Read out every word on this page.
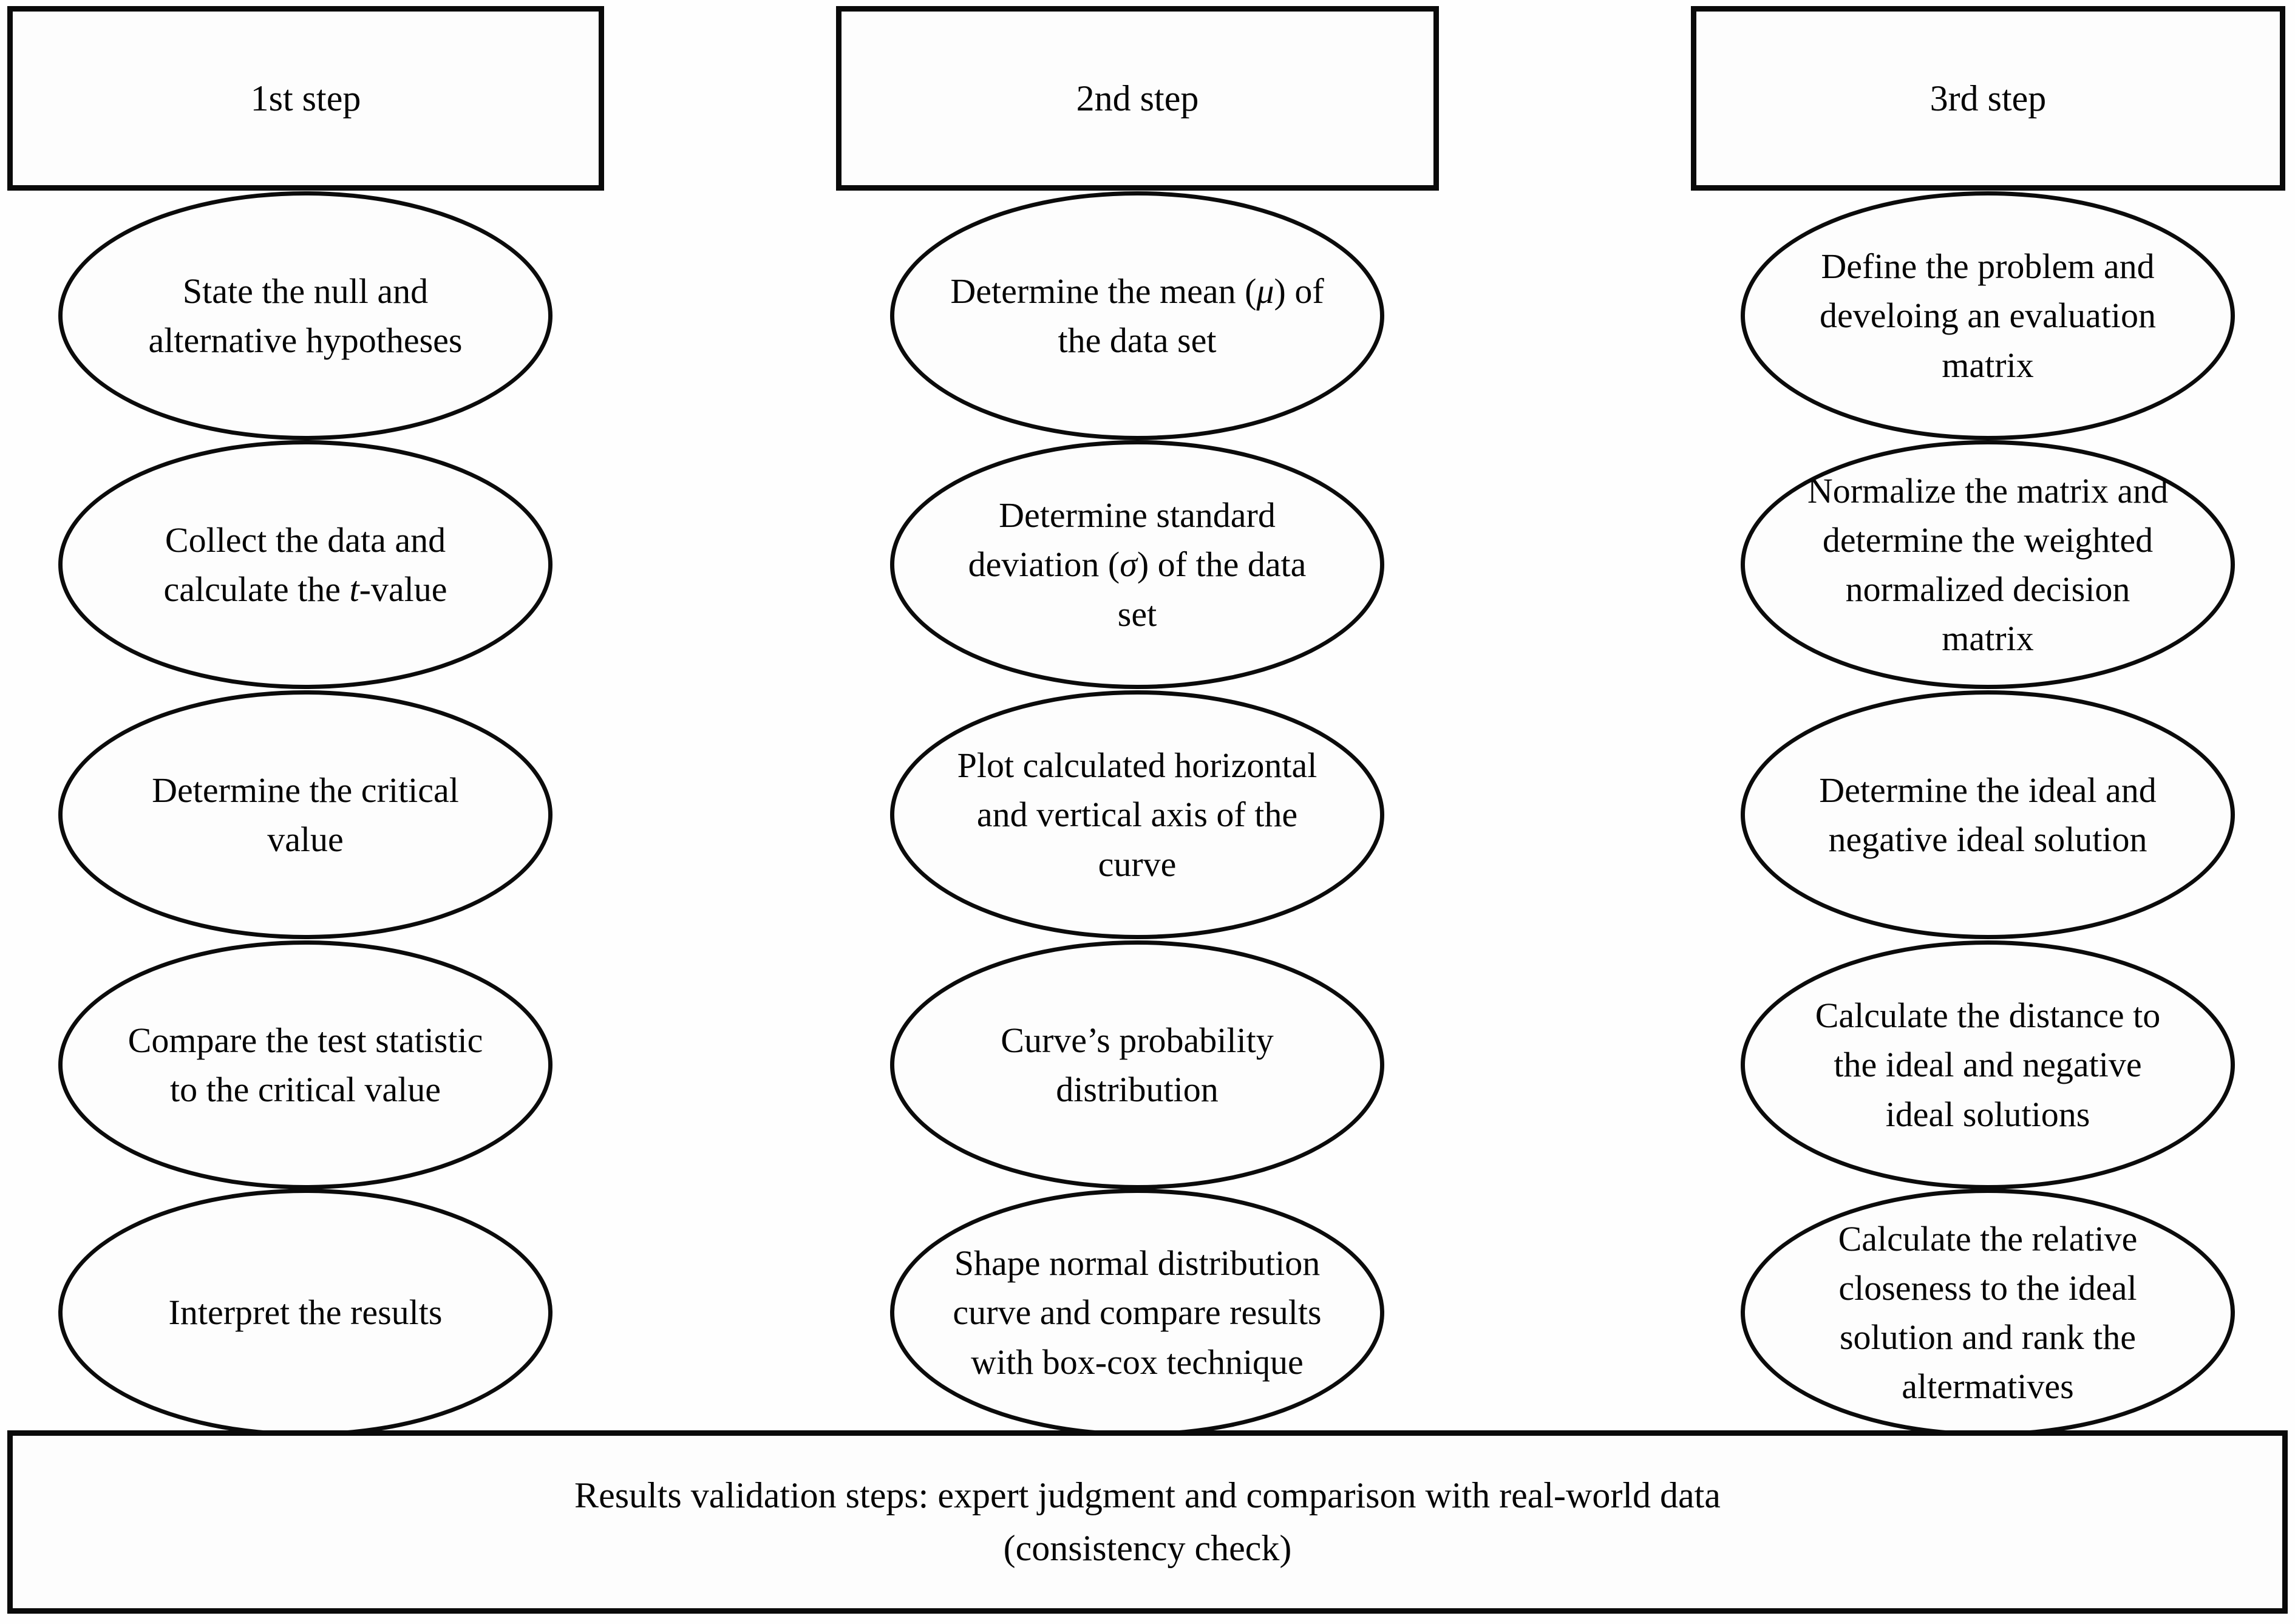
1st step	2nd step	3rd step
State the null and alternative hypotheses
Collect the data and calculate the t-value
Determine the critical value
Compare the test statistic to the critical value
Interpret the results
Determine the mean (μ) of the data set
Determine standard deviation (σ) of the data set
Plot calculated horizontal and vertical axis of the curve
Curve’s probability distribution
Shape normal distribution curve and compare results with box-cox technique
Define the problem and develoing an evaluation matrix
Normalize the matrix and determine the weighted normalized decision matrix
Determine the ideal and negative ideal solution
Calculate the distance to the ideal and negative ideal solutions
Calculate the relative closeness to the ideal solution and rank the altermatives
Results validation steps: expert judgment and comparison with real-world data
(consistency check)
